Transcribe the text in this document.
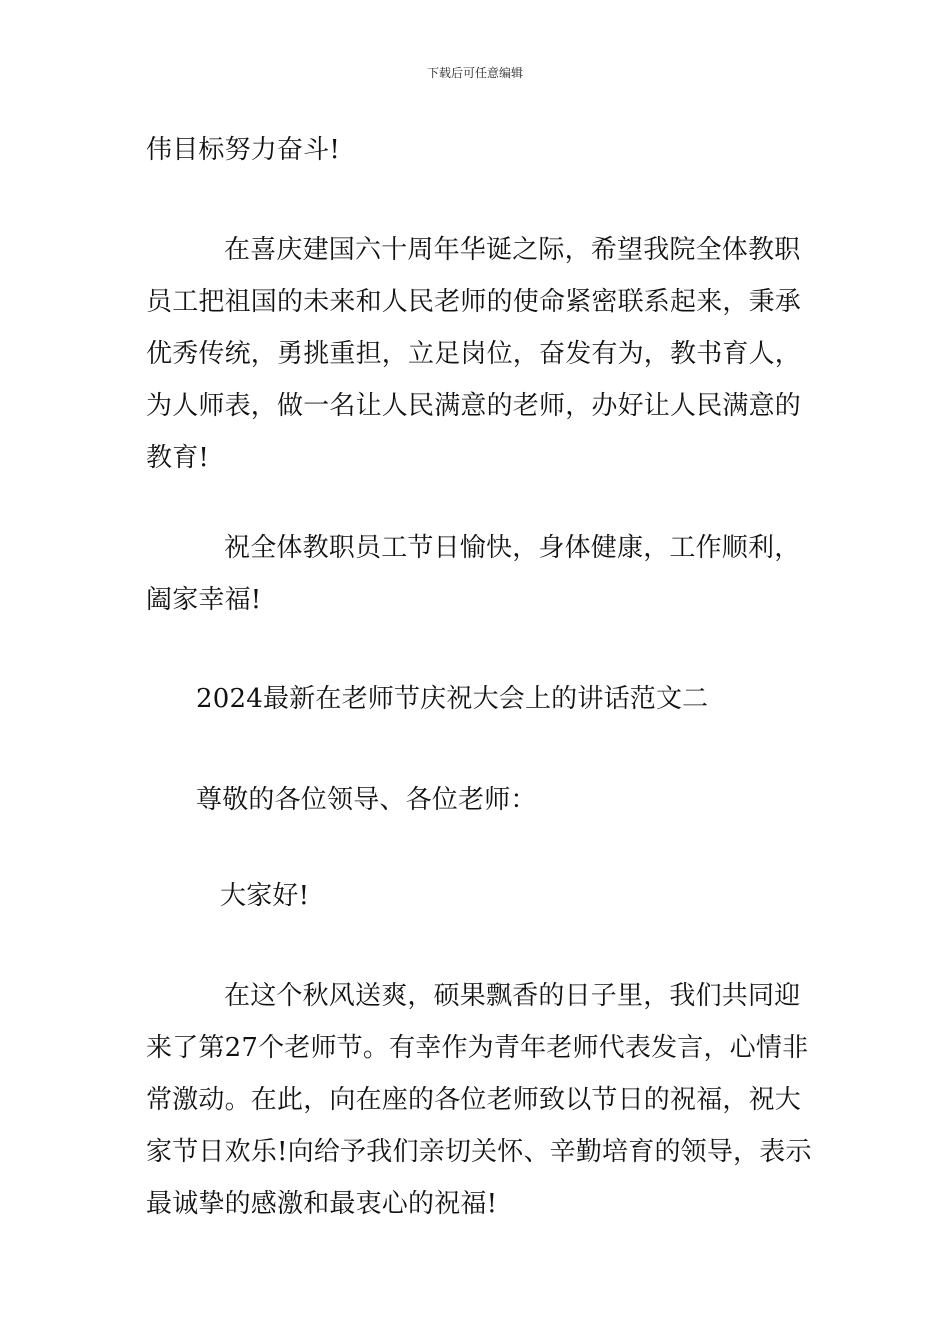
下载后可任意编辑
伟目标努力奋斗!
在喜庆建国六十周年华诞之际，希望我院全体教职
员工把祖国的未来和人民老师的使命紧密联系起来，秉承
优秀传统，勇挑重担，立足岗位，奋发有为，教书育人，
为人师表，做一名让人民满意的老师，办好让人民满意的
教育!
祝全体教职员工节日愉快，身体健康，工作顺利，
阖家幸福!
2024最新在老师节庆祝大会上的讲话范文二
尊敬的各位领导、各位老师：
大家好!
在这个秋风送爽，硕果飘香的日子里，我们共同迎
来了第27个老师节。有幸作为青年老师代表发言，心情非
常激动。在此，向在座的各位老师致以节日的祝福，祝大
家节日欢乐!向给予我们亲切关怀、辛勤培育的领导，表示
最诚挚的感激和最衷心的祝福!
